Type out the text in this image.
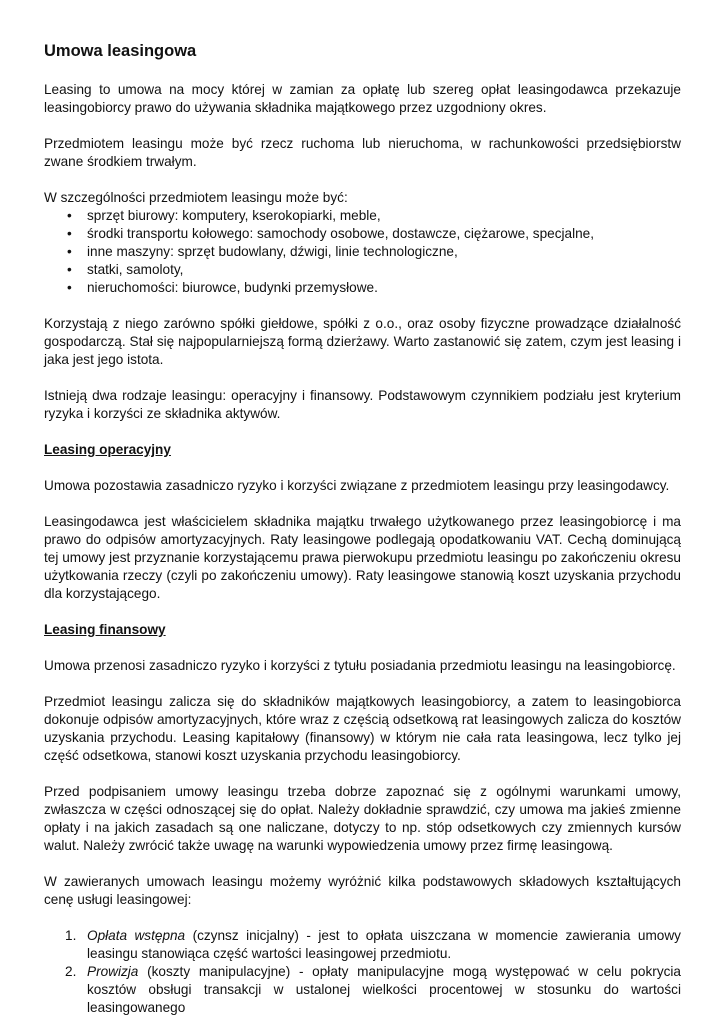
Umowa leasingowa

Leasing to umowa na mocy której w zamian za opłatę lub szereg opłat leasingodawca przekazuje leasingobiorcy prawo do używania składnika majątkowego przez uzgodniony okres.

Przedmiotem leasingu może być rzecz ruchoma lub nieruchoma, w rachunkowości przedsiębiorstw zwane środkiem trwałym.

W szczególności przedmiotem leasingu może być:

• sprzęt biurowy: komputery, kserokopiarki, meble,
• środki transportu kołowego: samochody osobowe, dostawcze, ciężarowe, specjalne,
• inne maszyny: sprzęt budowlany, dźwigi, linie technologiczne,
• statki, samoloty,
• nieruchomości: biurowce, budynki przemysłowe.

Korzystają z niego zarówno spółki giełdowe, spółki z o.o., oraz osoby fizyczne prowadzące działalność gospodarczą. Stał się najpopularniejszą formą dzierżawy. Warto zastanowić się zatem, czym jest leasing i jaka jest jego istota.

Istnieją dwa rodzaje leasingu: operacyjny i finansowy. Podstawowym czynnikiem podziału jest kryterium ryzyka i korzyści ze składnika aktywów.

Leasing operacyjny

Umowa pozostawia zasadniczo ryzyko i korzyści związane z przedmiotem leasingu przy leasingodawcy.

Leasingodawca jest właścicielem składnika majątku trwałego użytkowanego przez leasingobiorcę i ma prawo do odpisów amortyzacyjnych. Raty leasingowe podlegają opodatkowaniu VAT. Cechą dominującą tej umowy jest przyznanie korzystającemu prawa pierwokupu przedmiotu leasingu po zakończeniu okresu użytkowania rzeczy (czyli po zakończeniu umowy). Raty leasingowe stanowią koszt uzyskania przychodu dla korzystającego.

Leasing finansowy

Umowa przenosi zasadniczo ryzyko i korzyści z tytułu posiadania przedmiotu leasingu na leasingobiorcę.

Przedmiot leasingu zalicza się do składników majątkowych leasingobiorcy, a zatem to leasingobiorca dokonuje odpisów amortyzacyjnych, które wraz z częścią odsetkową rat leasingowych zalicza do kosztów uzyskania przychodu. Leasing kapitałowy (finansowy) w którym nie cała rata leasingowa, lecz tylko jej część odsetkowa, stanowi koszt uzyskania przychodu leasingobiorcy.

Przed podpisaniem umowy leasingu trzeba dobrze zapoznać się z ogólnymi warunkami umowy, zwłaszcza w części odnoszącej się do opłat. Należy dokładnie sprawdzić, czy umowa ma jakieś zmienne opłaty i na jakich zasadach są one naliczane, dotyczy to np. stóp odsetkowych czy zmiennych kursów walut. Należy zwrócić także uwagę na warunki wypowiedzenia umowy przez firmę leasingową.

W zawieranych umowach leasingu możemy wyróżnić kilka podstawowych składowych kształtujących cenę usługi leasingowej:

Opłata wstępna (czynsz inicjalny) - jest to opłata uiszczana w momencie zawierania umowy leasingu stanowiąca część wartości leasingowej przedmiotu.
Prowizja (koszty manipulacyjne) - opłaty manipulacyjne mogą występować w celu pokrycia kosztów obsługi transakcji w ustalonej wielkości procentowej w stosunku do wartości leasingowanego
